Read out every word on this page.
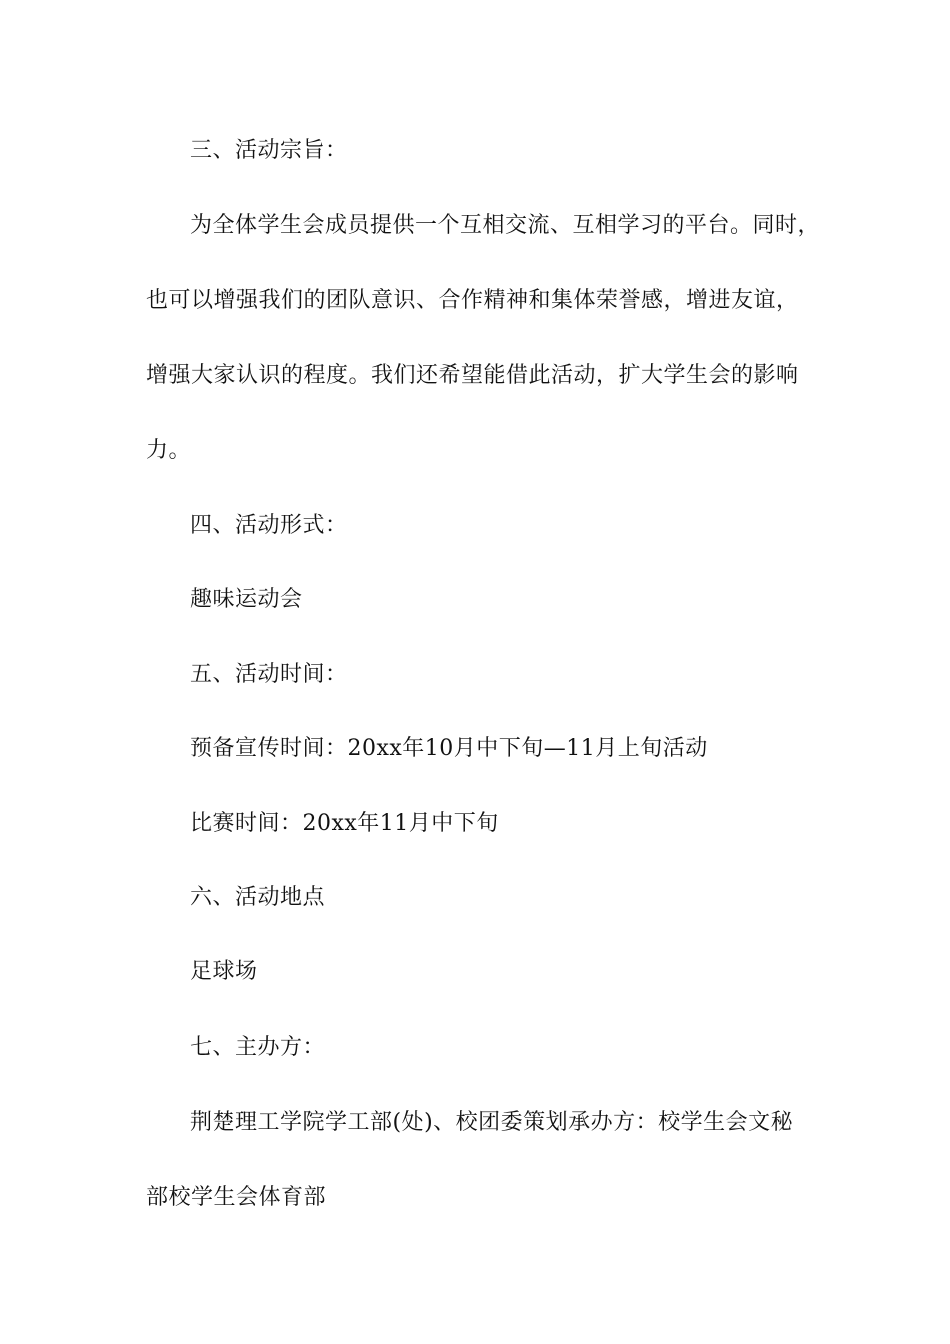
三、活动宗旨：
为全体学生会成员提供一个互相交流、互相学习的平台。同时，
也可以增强我们的团队意识、合作精神和集体荣誉感，增进友谊，
增强大家认识的程度。我们还希望能借此活动，扩大学生会的影响
力。
四、活动形式：
趣味运动会
五、活动时间：
预备宣传时间：20xx年10月中下旬—11月上旬活动
比赛时间：20xx年11月中下旬
六、活动地点
足球场
七、主办方：
荆楚理工学院学工部(处)、校团委策划承办方：校学生会文秘
部校学生会体育部
